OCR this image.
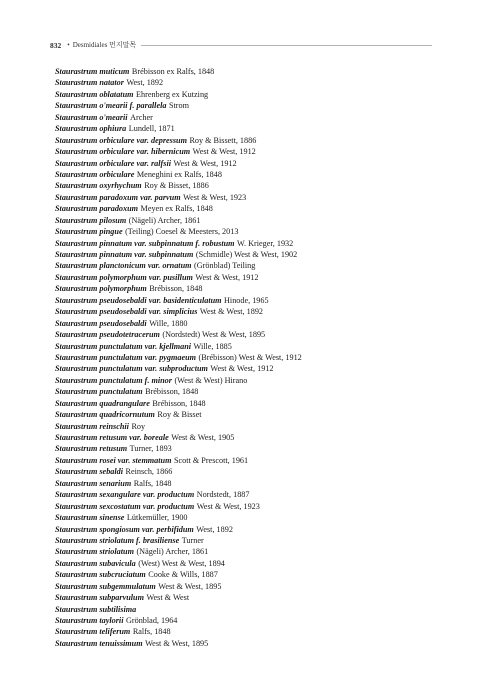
832 • Desmidiales 먼지말목
Staurastrum muticum Brébisson ex Ralfs, 1848
Staurastrum natator West, 1892
Staurastrum oblatatum Ehrenberg ex Kutzing
Staurastrum o'mearii f. parallela Strom
Staurastrum o'mearii Archer
Staurastrum ophiura Lundell, 1871
Staurastrum orbiculare var. depressum Roy & Bissett, 1886
Staurastrum orbiculare var. hibernicum West & West, 1912
Staurastrum orbiculare var. ralfsii West & West, 1912
Staurastrum orbiculare Meneghini ex Ralfs, 1848
Staurastrum oxyrhychum Roy & Bisset, 1886
Staurastrum paradoxum var. parvum West & West, 1923
Staurastrum paradoxum Meyen ex Ralfs, 1848
Staurastrum pilosum (Nägeli) Archer, 1861
Staurastrum pingue (Teiling) Coesel & Meesters, 2013
Staurastrum pinnatum var. subpinnatum f. robustum W. Krieger, 1932
Staurastrum pinnatum var. subpinnatum (Schmidle) West & West, 1902
Staurastrum planctonicum var. ornatum (Grönblad) Teiling
Staurastrum polymorphum var. pusillum West & West, 1912
Staurastrum polymorphum Brébisson, 1848
Staurastrum pseudosebaldi var. basidenticulatum Hinode, 1965
Staurastrum pseudosebaldi var. simplicius West & West, 1892
Staurastrum pseudosebaldi Wille, 1880
Staurastrum pseudotetracerum (Nordstedt) West & West, 1895
Staurastrum punctulatum var. kjellmani Wille, 1885
Staurastrum punctulatum var. pygmaeum (Brébisson) West & West, 1912
Staurastrum punctulatum var. subproductum West & West, 1912
Staurastrum punctulatum f. minor (West & West) Hirano
Staurastrum punctulatum Brébisson, 1848
Staurastrum quadrangulare Brébisson, 1848
Staurastrum quadricornutum Roy & Bisset
Staurastrum reinschii Roy
Staurastrum retusum var. boreale West & West, 1905
Staurastrum retusum Turner, 1893
Staurastrum rosei var. stemmatum Scott & Prescott, 1961
Staurastrum sebaldi Reinsch, 1866
Staurastrum senarium Ralfs, 1848
Staurastrum sexangulare var. productum Nordstedt, 1887
Staurastrum sexcostatum var. productum West & West, 1923
Staurastrum sinense Lütkemüller, 1900
Staurastrum spongiosum var. perbifidum West, 1892
Staurastrum striolatum f. brasiliense Turner
Staurastrum striolatum (Nägeli) Archer, 1861
Staurastrum subavicula (West) West & West, 1894
Staurastrum subcruciatum Cooke & Wills, 1887
Staurastrum subgemmulatum West & West, 1895
Staurastrum subparvulum West & West
Staurastrum subtilisima
Staurastrum taylorii Grönblad, 1964
Staurastrum teliferum Ralfs, 1848
Staurastrum tenuissimum West & West, 1895
